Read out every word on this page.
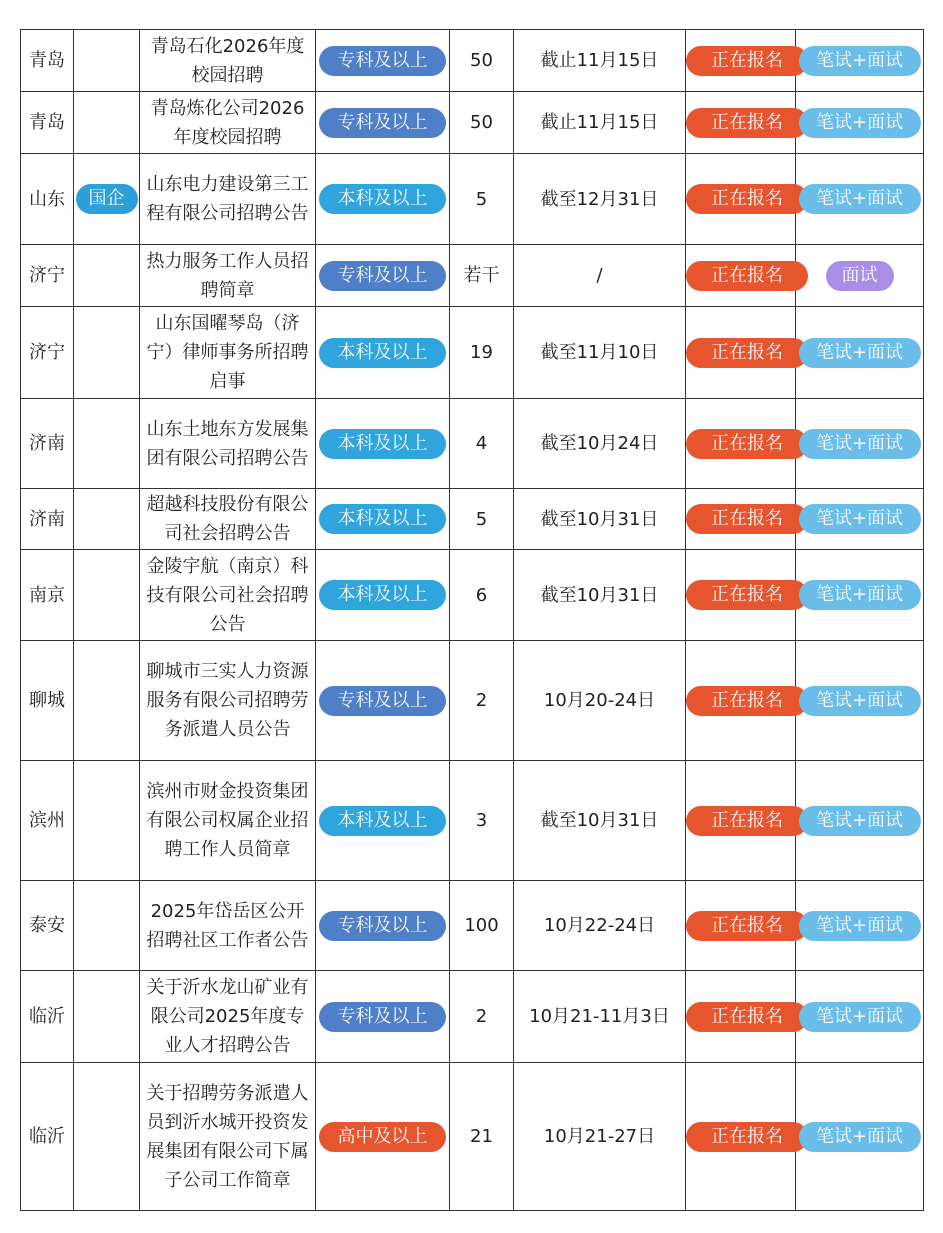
青岛		青岛石化2026年度校园招聘	专科及以上	50	截止11月15日	正在报名	笔试+面试
青岛		青岛炼化公司2026年度校园招聘	专科及以上	50	截止11月15日	正在报名	笔试+面试
山东	国企	山东电力建设第三工程有限公司招聘公告	本科及以上	5	截至12月31日	正在报名	笔试+面试
济宁		热力服务工作人员招聘简章	专科及以上	若干	/	正在报名	面试
济宁		山东国曜琴岛（济宁）律师事务所招聘启事	本科及以上	19	截至11月10日	正在报名	笔试+面试
济南		山东土地东方发展集团有限公司招聘公告	本科及以上	4	截至10月24日	正在报名	笔试+面试
济南		超越科技股份有限公司社会招聘公告	本科及以上	5	截至10月31日	正在报名	笔试+面试
南京		金陵宇航（南京）科技有限公司社会招聘公告	本科及以上	6	截至10月31日	正在报名	笔试+面试
聊城		聊城市三实人力资源服务有限公司招聘劳务派遣人员公告	专科及以上	2	10月20-24日	正在报名	笔试+面试
滨州		滨州市财金投资集团有限公司权属企业招聘工作人员简章	本科及以上	3	截至10月31日	正在报名	笔试+面试
泰安		2025年岱岳区公开招聘社区工作者公告	专科及以上	100	10月22-24日	正在报名	笔试+面试
临沂		关于沂水龙山矿业有限公司2025年度专业人才招聘公告	专科及以上	2	10月21-11月3日	正在报名	笔试+面试
临沂		关于招聘劳务派遣人员到沂水城开投资发展集团有限公司下属子公司工作简章	高中及以上	21	10月21-27日	正在报名	笔试+面试
